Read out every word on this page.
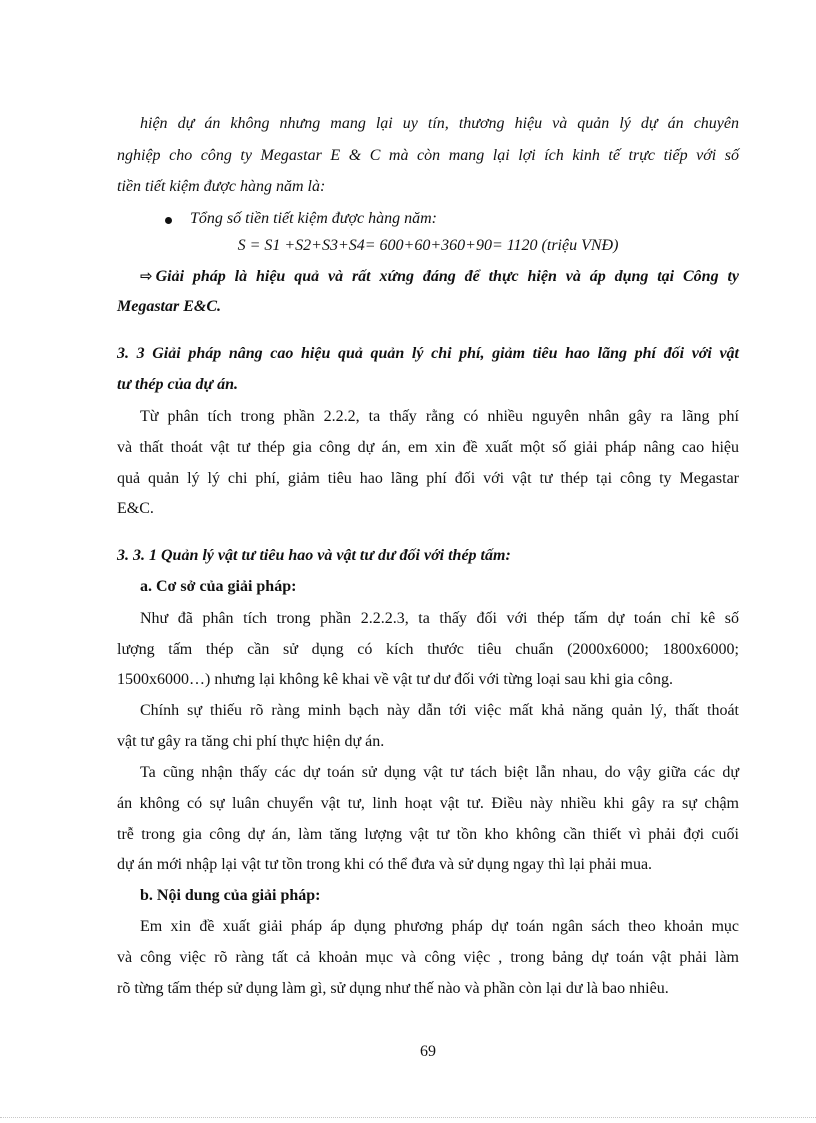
hiện dự án không nhưng mang lại uy tín, thương hiệu và quản lý dự án chuyên
nghiệp cho công ty Megastar E & C mà còn mang lại lợi ích kinh tế trực tiếp với số
tiền tiết kiệm được hàng năm là:
Tổng số tiền tiết kiệm được hàng năm:
S = S1 +S2+S3+S4= 600+60+360+90= 1120 (triệu VNĐ)
⇨ Giải pháp là hiệu quả và rất xứng đáng để thực hiện và áp dụng tại Công ty
Megastar E&C.
3. 3 Giải pháp nâng cao hiệu quả quản lý chi phí, giảm tiêu hao lãng phí đối với vật
tư thép của dự án.
Từ phân tích trong phần 2.2.2, ta thấy rằng có nhiều nguyên nhân gây ra lãng phí
và thất thoát vật tư thép gia công dự án, em xin đề xuất một số giải pháp nâng cao hiệu
quả quản lý lý chi phí, giảm tiêu hao lãng phí đối với vật tư thép tại công ty Megastar
E&C.
3. 3. 1 Quản lý vật tư tiêu hao và vật tư dư đối với thép tấm:
a. Cơ sở của giải pháp:
Như đã phân tích trong phần 2.2.2.3, ta thấy đối với thép tấm dự toán chỉ kê số
lượng tấm thép cần sử dụng có kích thước tiêu chuẩn (2000x6000; 1800x6000;
1500x6000…) nhưng lại không kê khai về vật tư dư đối với từng loại sau khi gia công.
Chính sự thiếu rõ ràng minh bạch này dẫn tới việc mất khả năng quản lý, thất thoát
vật tư gây ra tăng chi phí thực hiện dự án.
Ta cũng nhận thấy các dự toán sử dụng vật tư tách biệt lẫn nhau, do vậy giữa các dự
án không có sự luân chuyển vật tư, linh hoạt vật tư. Điều này nhiều khi gây ra sự chậm
trễ trong gia công dự án, làm tăng lượng vật tư tồn kho không cần thiết vì phải đợi cuối
dự án mới nhập lại vật tư tồn trong khi có thể đưa và sử dụng ngay thì lại phải mua.
b. Nội dung của giải pháp:
Em xin đề xuất giải pháp áp dụng phương pháp dự toán ngân sách theo khoản mục
và công việc rõ ràng tất cả khoản mục và công việc , trong bảng dự toán vật phải làm
rõ từng tấm thép sử dụng làm gì, sử dụng như thế nào và phần còn lại dư là bao nhiêu.
69
